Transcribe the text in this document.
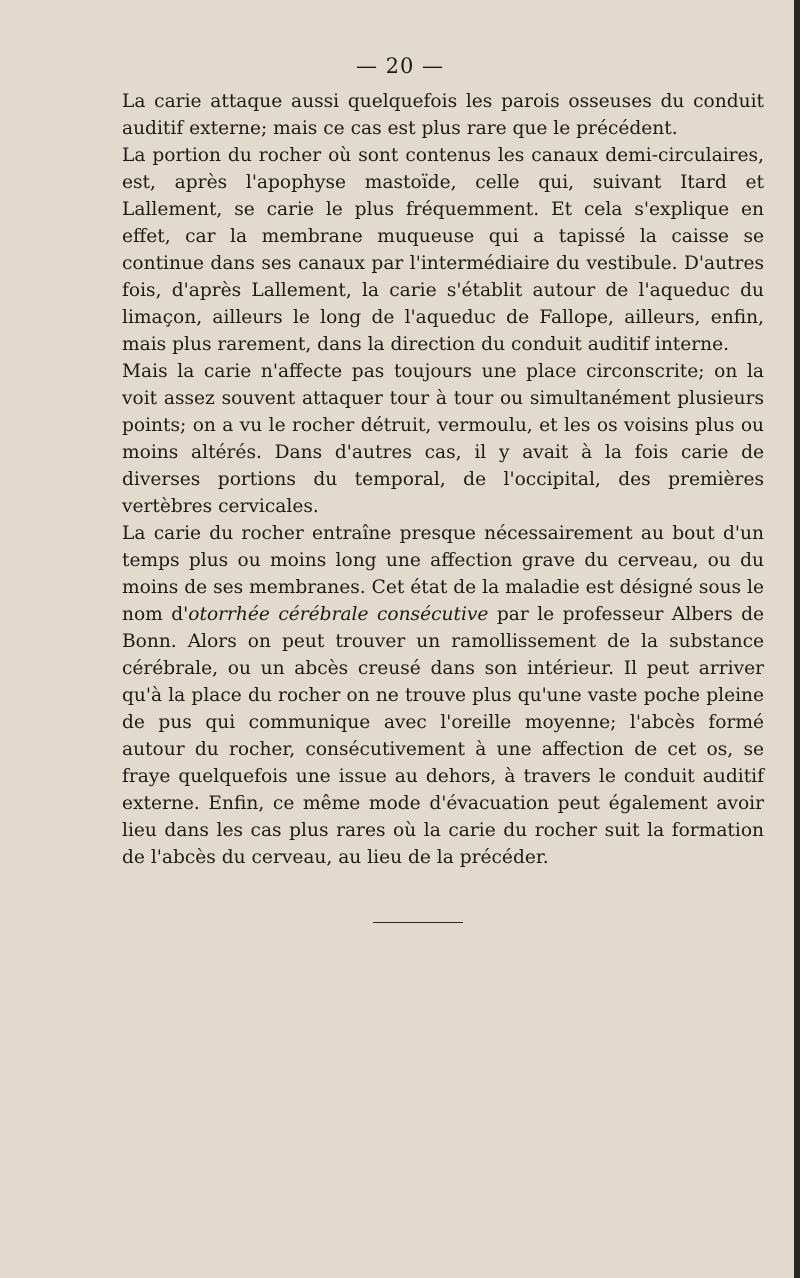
— 20 —

La carie attaque aussi quelquefois les parois osseuses du conduit auditif externe; mais ce cas est plus rare que le précédent.

La portion du rocher où sont contenus les canaux demi-circulaires, est, après l'apophyse mastoïde, celle qui, suivant Itard et Lallement, se carie le plus fréquemment. Et cela s'explique en effet, car la membrane muqueuse qui a tapissé la caisse se continue dans ses canaux par l'intermédiaire du vestibule. D'autres fois, d'après Lallement, la carie s'établit autour de l'aqueduc du limaçon, ailleurs le long de l'aqueduc de Fallope, ailleurs, enfin, mais plus rarement, dans la direction du conduit auditif interne.

Mais la carie n'affecte pas toujours une place circonscrite; on la voit assez souvent attaquer tour à tour ou simultanément plusieurs points; on a vu le rocher détruit, vermoulu, et les os voisins plus ou moins altérés. Dans d'autres cas, il y avait à la fois carie de diverses portions du temporal, de l'occipital, des premières vertèbres cervicales.

La carie du rocher entraîne presque nécessairement au bout d'un temps plus ou moins long une affection grave du cerveau, ou du moins de ses membranes. Cet état de la maladie est désigné sous le nom d'otorrhée cérébrale consécutive par le professeur Albers de Bonn. Alors on peut trouver un ramollissement de la substance cérébrale, ou un abcès creusé dans son intérieur. Il peut arriver qu'à la place du rocher on ne trouve plus qu'une vaste poche pleine de pus qui communique avec l'oreille moyenne; l'abcès formé autour du rocher, consécutivement à une affection de cet os, se fraye quelquefois une issue au dehors, à travers le conduit auditif externe. Enfin, ce même mode d'évacuation peut également avoir lieu dans les cas plus rares où la carie du rocher suit la formation de l'abcès du cerveau, au lieu de la précéder.
